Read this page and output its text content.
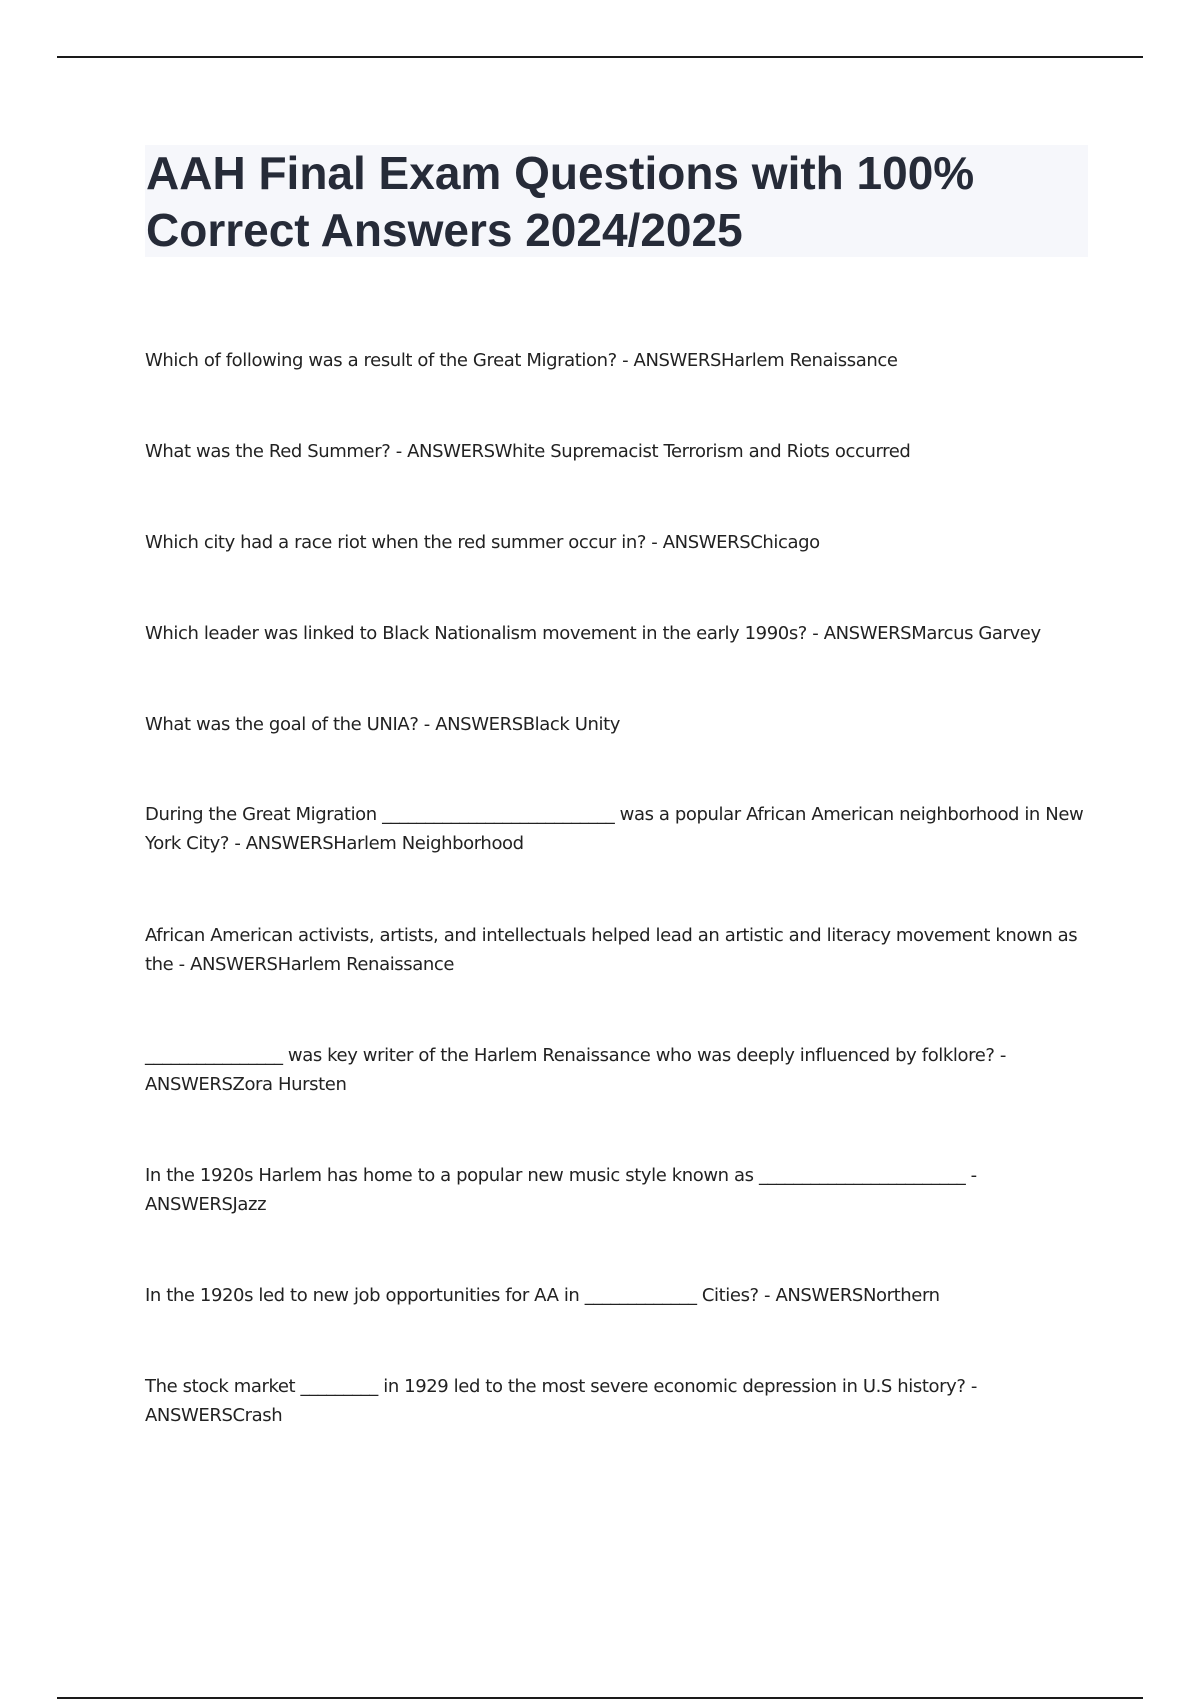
AAH Final Exam Questions with 100% Correct Answers 2024/2025

Which of following was a result of the Great Migration? - ANSWERSHarlem Renaissance

What was the Red Summer? - ANSWERSWhite Supremacist Terrorism and Riots occurred

Which city had a race riot when the red summer occur in? - ANSWERSChicago

Which leader was linked to Black Nationalism movement in the early 1990s? - ANSWERSMarcus Garvey

What was the goal of the UNIA? - ANSWERSBlack Unity

During the Great Migration ___________________________ was a popular African American neighborhood in New York City? - ANSWERSHarlem Neighborhood

African American activists, artists, and intellectuals helped lead an artistic and literacy movement known as the - ANSWERSHarlem Renaissance

________________ was key writer of the Harlem Renaissance who was deeply influenced by folklore? - ANSWERSZora Hursten

In the 1920s Harlem has home to a popular new music style known as ________________________ - ANSWERSJazz

In the 1920s led to new job opportunities for AA in _____________ Cities? - ANSWERSNorthern

The stock market _________ in 1929 led to the most severe economic depression in U.S history? - ANSWERSCrash
